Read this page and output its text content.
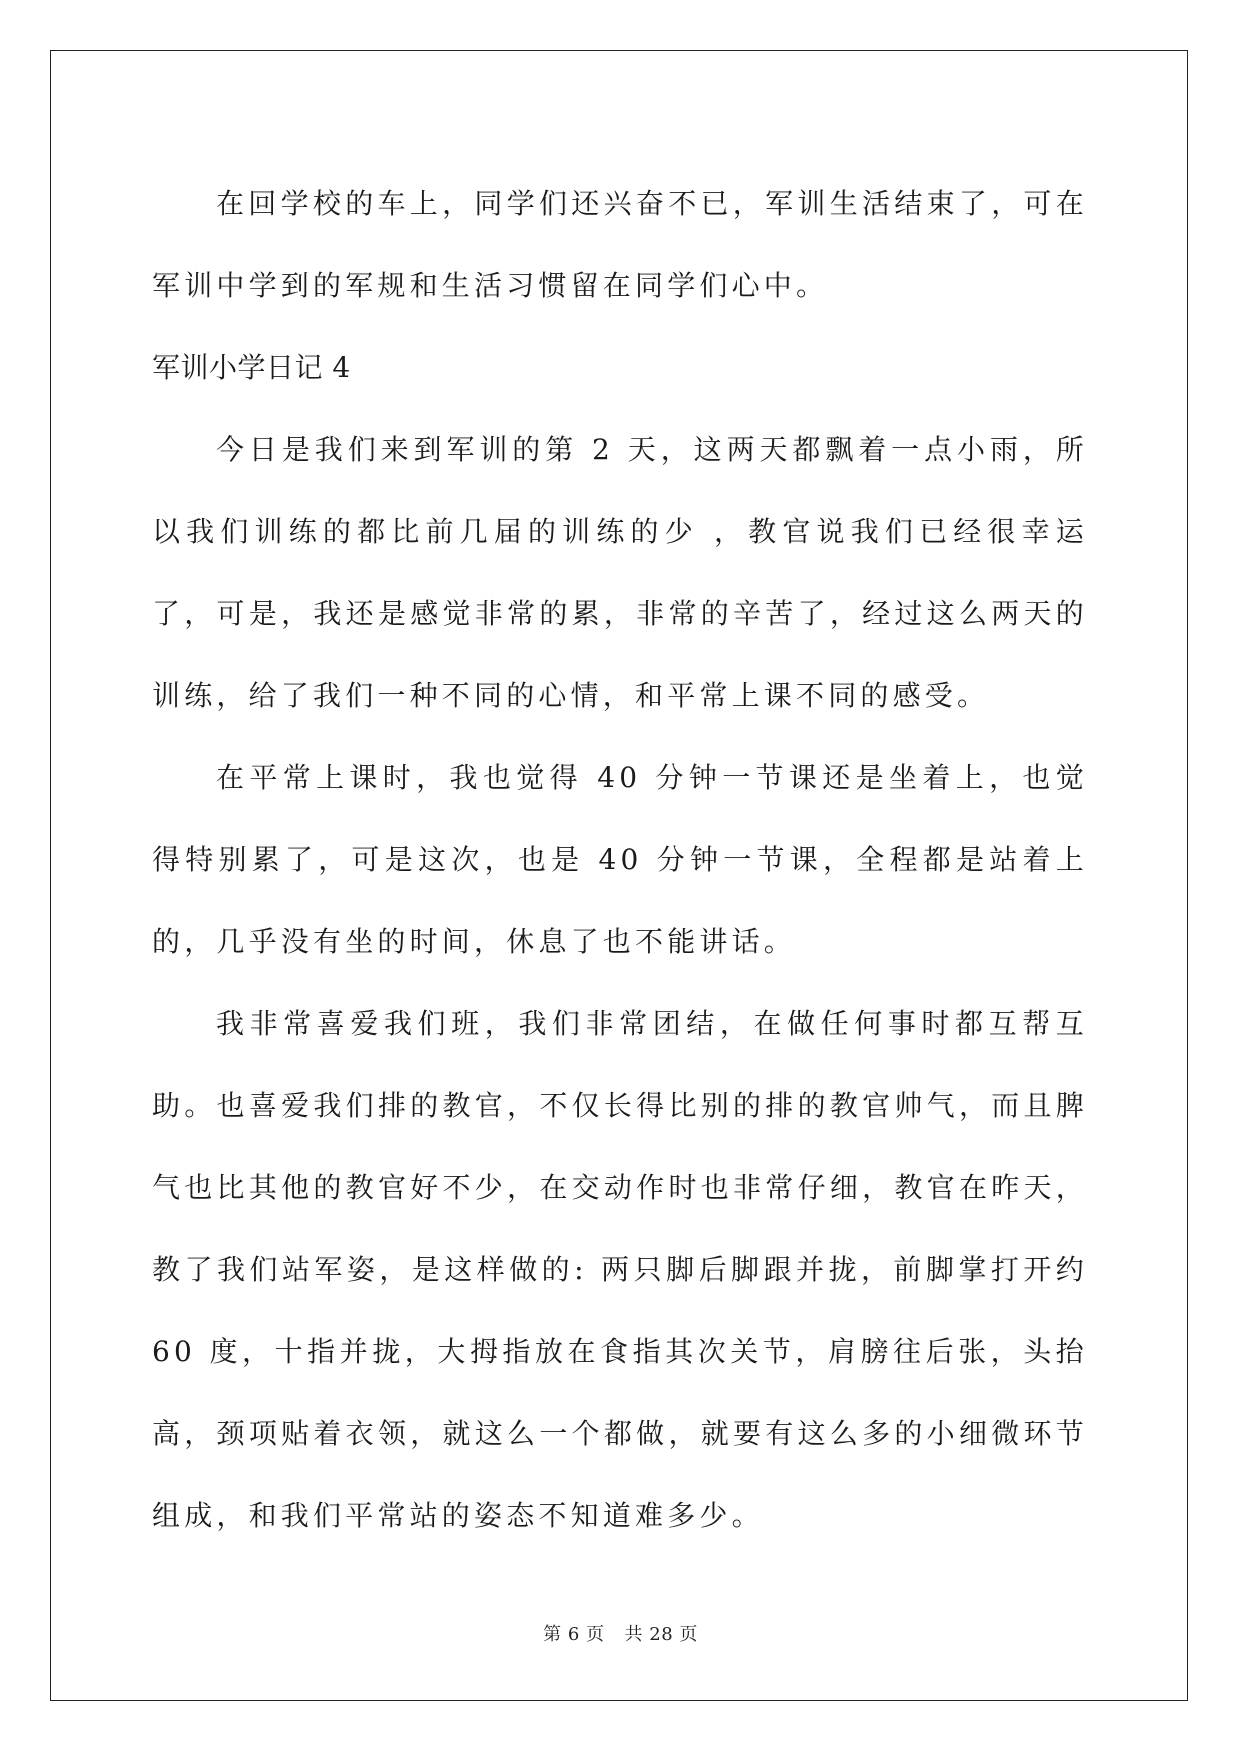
在回学校的车上，同学们还兴奋不已，军训生活结束了，可在军训中学到的军规和生活习惯留在同学们心中。

军训小学日记 4

今日是我们来到军训的第 2 天，这两天都飘着一点小雨，所以我们训练的都比前几届的训练的少 ，教官说我们已经很幸运了，可是，我还是感觉非常的累，非常的辛苦了，经过这么两天的训练，给了我们一种不同的心情，和平常上课不同的感受。

在平常上课时，我也觉得 40 分钟一节课还是坐着上，也觉得特别累了，可是这次，也是 40 分钟一节课，全程都是站着上的，几乎没有坐的时间，休息了也不能讲话。

我非常喜爱我们班，我们非常团结，在做任何事时都互帮互助。也喜爱我们排的教官，不仅长得比别的排的教官帅气，而且脾气也比其他的教官好不少，在交动作时也非常仔细，教官在昨天，教了我们站军姿，是这样做的: 两只脚后脚跟并拢，前脚掌打开约 60 度，十指并拢，大拇指放在食指其次关节，肩膀往后张，头抬高，颈项贴着衣领，就这么一个都做，就要有这么多的小细微环节组成，和我们平常站的姿态不知道难多少。

第 6 页 共 28 页
